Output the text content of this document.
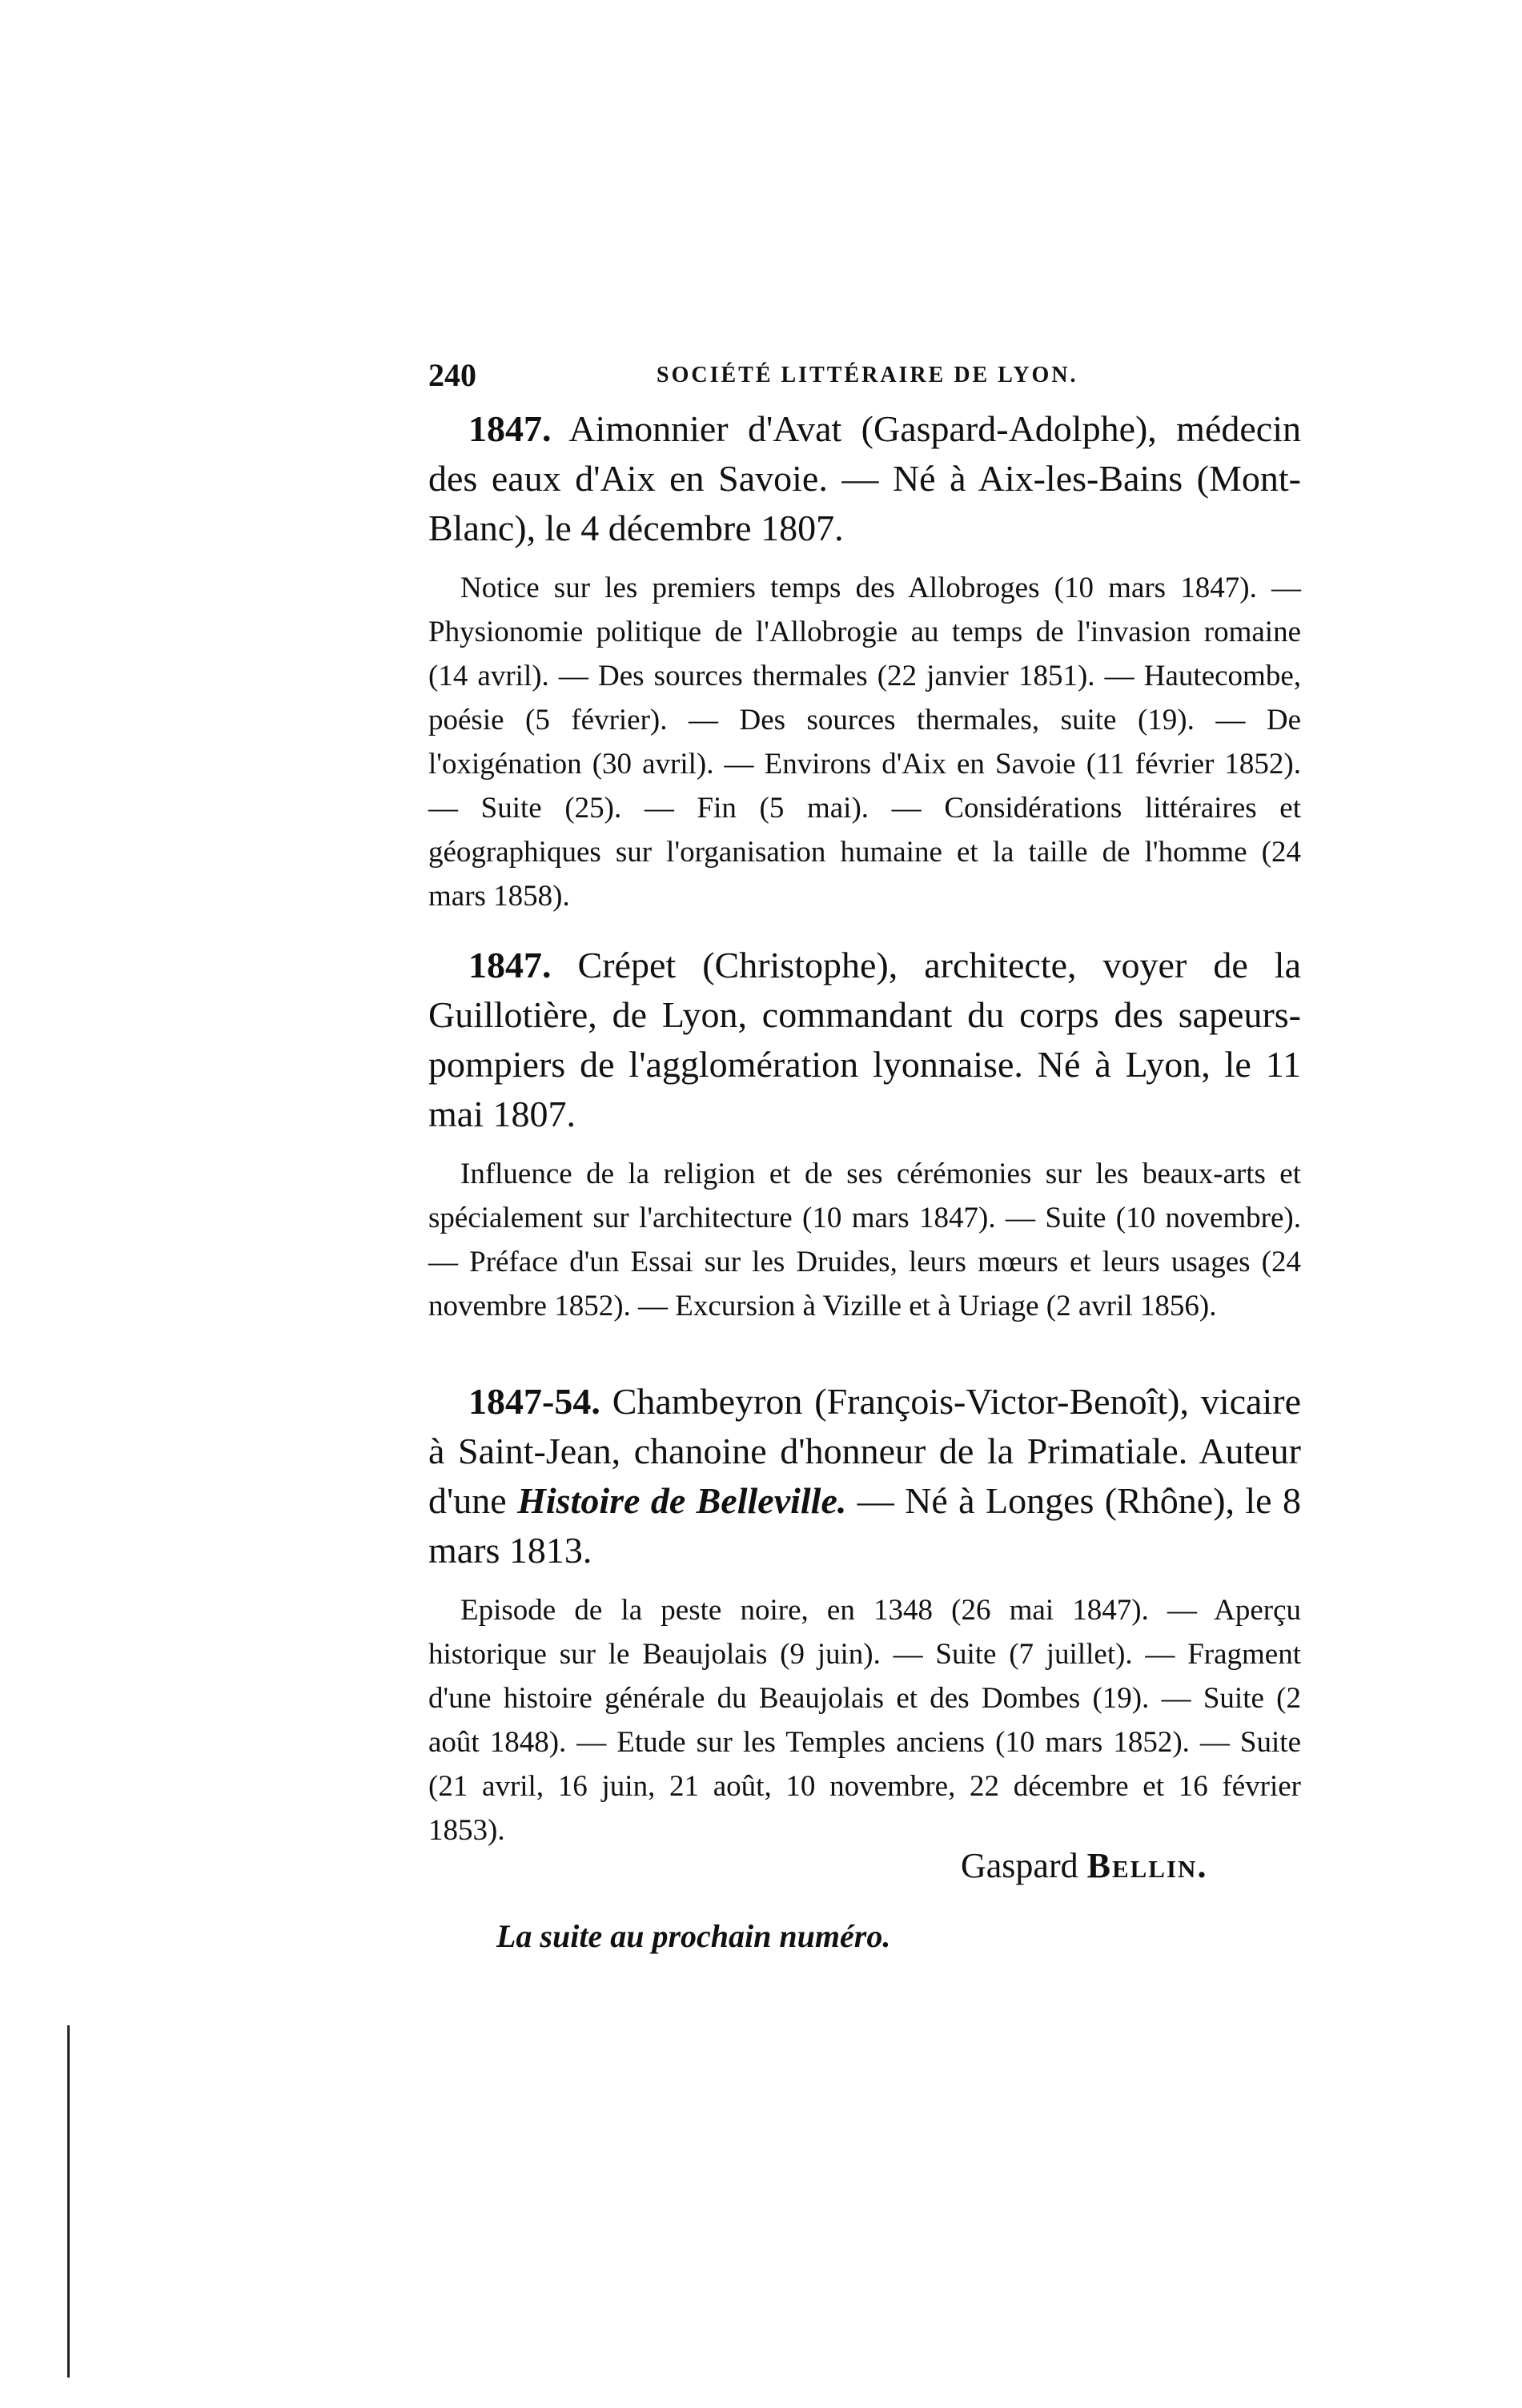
240	SOCIÉTÉ LITTÉRAIRE DE LYON.

1847. Aimonnier d'Avat (Gaspard-Adolphe), médecin des eaux d'Aix en Savoie. — Né à Aix-les-Bains (Mont-Blanc), le 4 décembre 1807.

Notice sur les premiers temps des Allobroges (10 mars 1847). — Physionomie politique de l'Allobrogie au temps de l'invasion romaine (14 avril). — Des sources thermales (22 janvier 1851). — Hautecombe, poésie (5 février). — Des sources thermales, suite (19). — De l'oxigénation (30 avril). — Environs d'Aix en Savoie (11 février 1852). — Suite (25). — Fin (5 mai). — Considérations littéraires et géographiques sur l'organisation humaine et la taille de l'homme (24 mars 1858).

1847. Crépet (Christophe), architecte, voyer de la Guillotière, de Lyon, commandant du corps des sapeurs-pompiers de l'agglomération lyonnaise. Né à Lyon, le 11 mai 1807.

Influence de la religion et de ses cérémonies sur les beaux-arts et spécialement sur l'architecture (10 mars 1847). — Suite (10 novembre). — Préface d'un Essai sur les Druides, leurs mœurs et leurs usages (24 novembre 1852). — Excursion à Vizille et à Uriage (2 avril 1856).

1847-54. Chambeyron (François-Victor-Benoît), vicaire à Saint-Jean, chanoine d'honneur de la Primatiale. Auteur d'une Histoire de Belleville. — Né à Longes (Rhône), le 8 mars 1813.

Episode de la peste noire, en 1348 (26 mai 1847). — Aperçu historique sur le Beaujolais (9 juin). — Suite (7 juillet). — Fragment d'une histoire générale du Beaujolais et des Dombes (19). — Suite (2 août 1848). — Etude sur les Temples anciens (10 mars 1852). — Suite (21 avril, 16 juin, 21 août, 10 novembre, 22 décembre et 16 février 1853).

Gaspard Bellin.
La suite au prochain numéro.
